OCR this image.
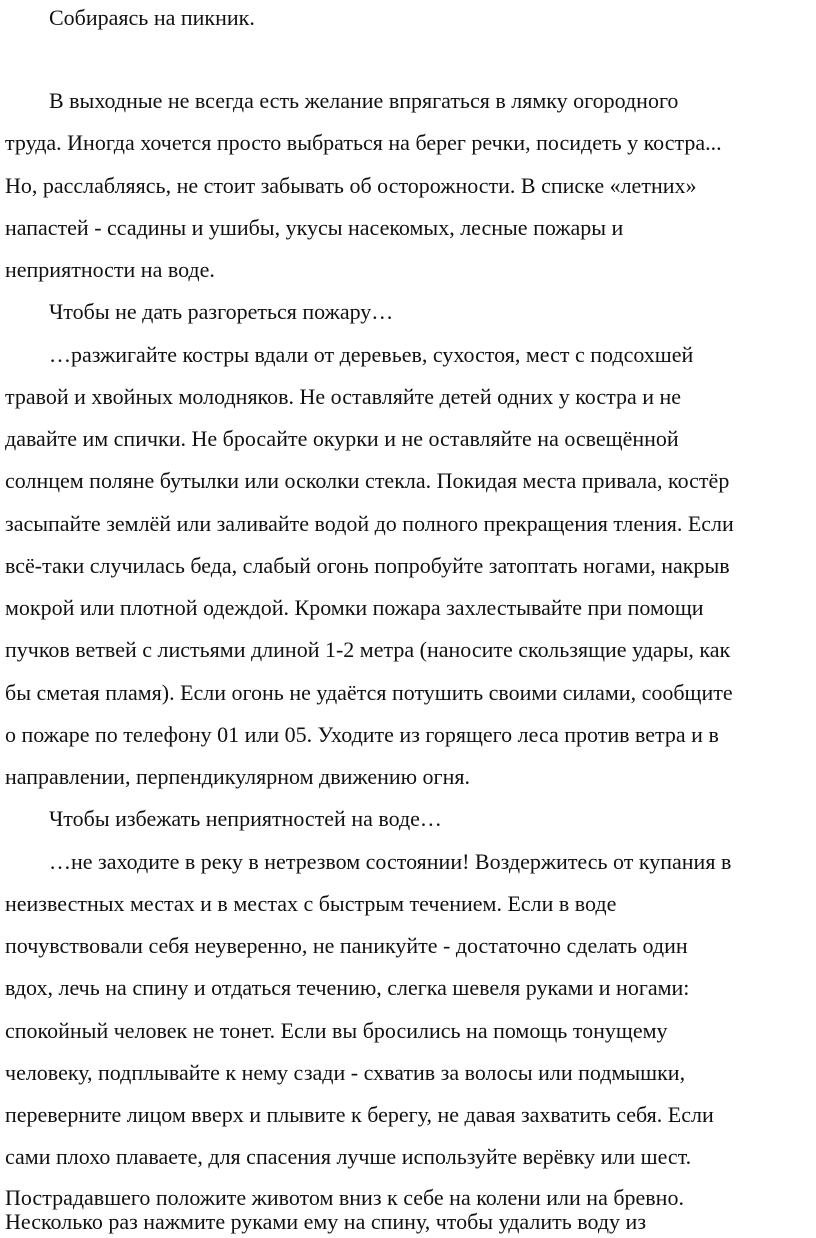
Собираясь на пикник.
В выходные не всегда есть желание впрягаться в лямку огородного
труда. Иногда хочется просто выбраться на берег речки, посидеть у костра...
Но, расслабляясь, не стоит забывать об осторожности. В списке «летних»
напастей - ссадины и ушибы, укусы насекомых, лесные пожары и
неприятности на воде.
Чтобы не дать разгореться пожару…
…разжигайте костры вдали от деревьев, сухостоя, мест с подсохшей
травой и хвойных молодняков. Не оставляйте детей одних у костра и не
давайте им спички. Не бросайте окурки и не оставляйте на освещённой
солнцем поляне бутылки или осколки стекла. Покидая места привала, костёр
засыпайте землёй или заливайте водой до полного прекращения тления. Если
всё-таки случилась беда, слабый огонь попробуйте затоптать ногами, накрыв
мокрой или плотной одеждой. Кромки пожара захлестывайте при помощи
пучков ветвей с листьями длиной 1-2 метра (наносите скользящие удары, как
бы сметая пламя). Если огонь не удаётся потушить своими силами, сообщите
о пожаре по телефону 01 или 05. Уходите из горящего леса против ветра и в
направлении, перпендикулярном движению огня.
Чтобы избежать неприятностей на воде…
…не заходите в реку в нетрезвом состоянии! Воздержитесь от купания в
неизвестных местах и в местах с быстрым течением. Если в воде
почувствовали себя неуверенно, не паникуйте - достаточно сделать один
вдох, лечь на спину и отдаться течению, слегка шевеля руками и ногами:
спокойный человек не тонет. Если вы бросились на помощь тонущему
человеку, подплывайте к нему сзади - схватив за волосы или подмышки,
переверните лицом вверх и плывите к берегу, не давая захватить себя. Если
сами плохо плаваете, для спасения лучше используйте верёвку или шест.
Пострадавшего положите животом вниз к себе на колени или на бревно.
Несколько раз нажмите руками ему на спину, чтобы удалить воду из
